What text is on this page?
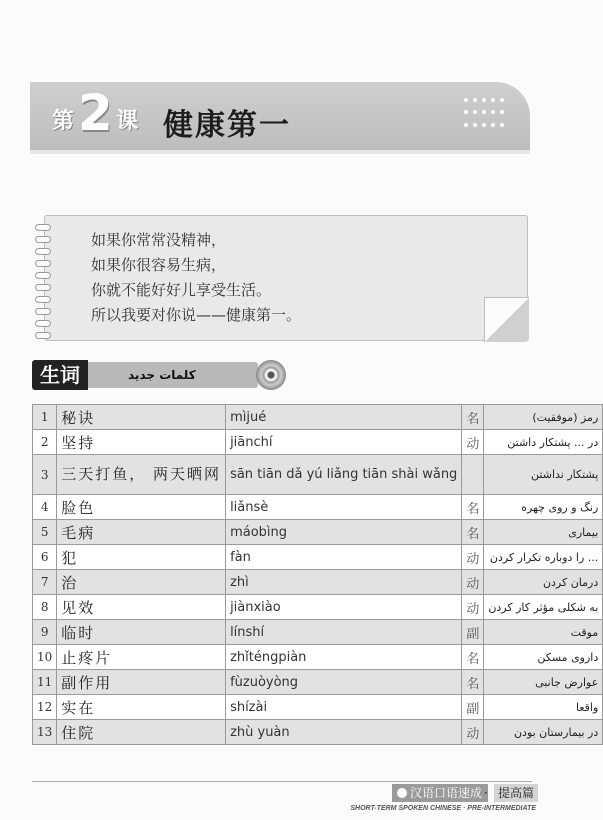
第 2 课 健康第一
如果你常常没精神，
如果你很容易生病，
你就不能好好儿享受生活。
所以我要对你说——健康第一。
生词	كلمات جديد
1	秘诀	mìjué	名	رمز (موفقیت)
2	坚持	jiānchí	动	در ... پشتکار داشتن
3	三天打鱼， 两天晒网	sān tiān dǎ yú liǎng tiān shài wǎng		پشتکار نداشتن
4	脸色	liǎnsè	名	رنگ و روی چهره
5	毛病	máobìng	名	بیماری
6	犯	fàn	动	... را دوباره تکرار کردن
7	治	zhì	动	درمان کردن
8	见效	jiànxiào	动	به شکلی مؤثر کار کردن
9	临时	línshí	副	موقت
10	止疼片	zhǐténgpiàn	名	داروی مسکن
11	副作用	fùzuòyòng	名	عوارض جانبی
12	实在	shízài	副	واقعا
13	住院	zhù yuàn	动	در بیمارستان بودن
汉语口语速成 · 提高篇
SHORT-TERM SPOKEN CHINESE · PRE-INTERMEDIATE
